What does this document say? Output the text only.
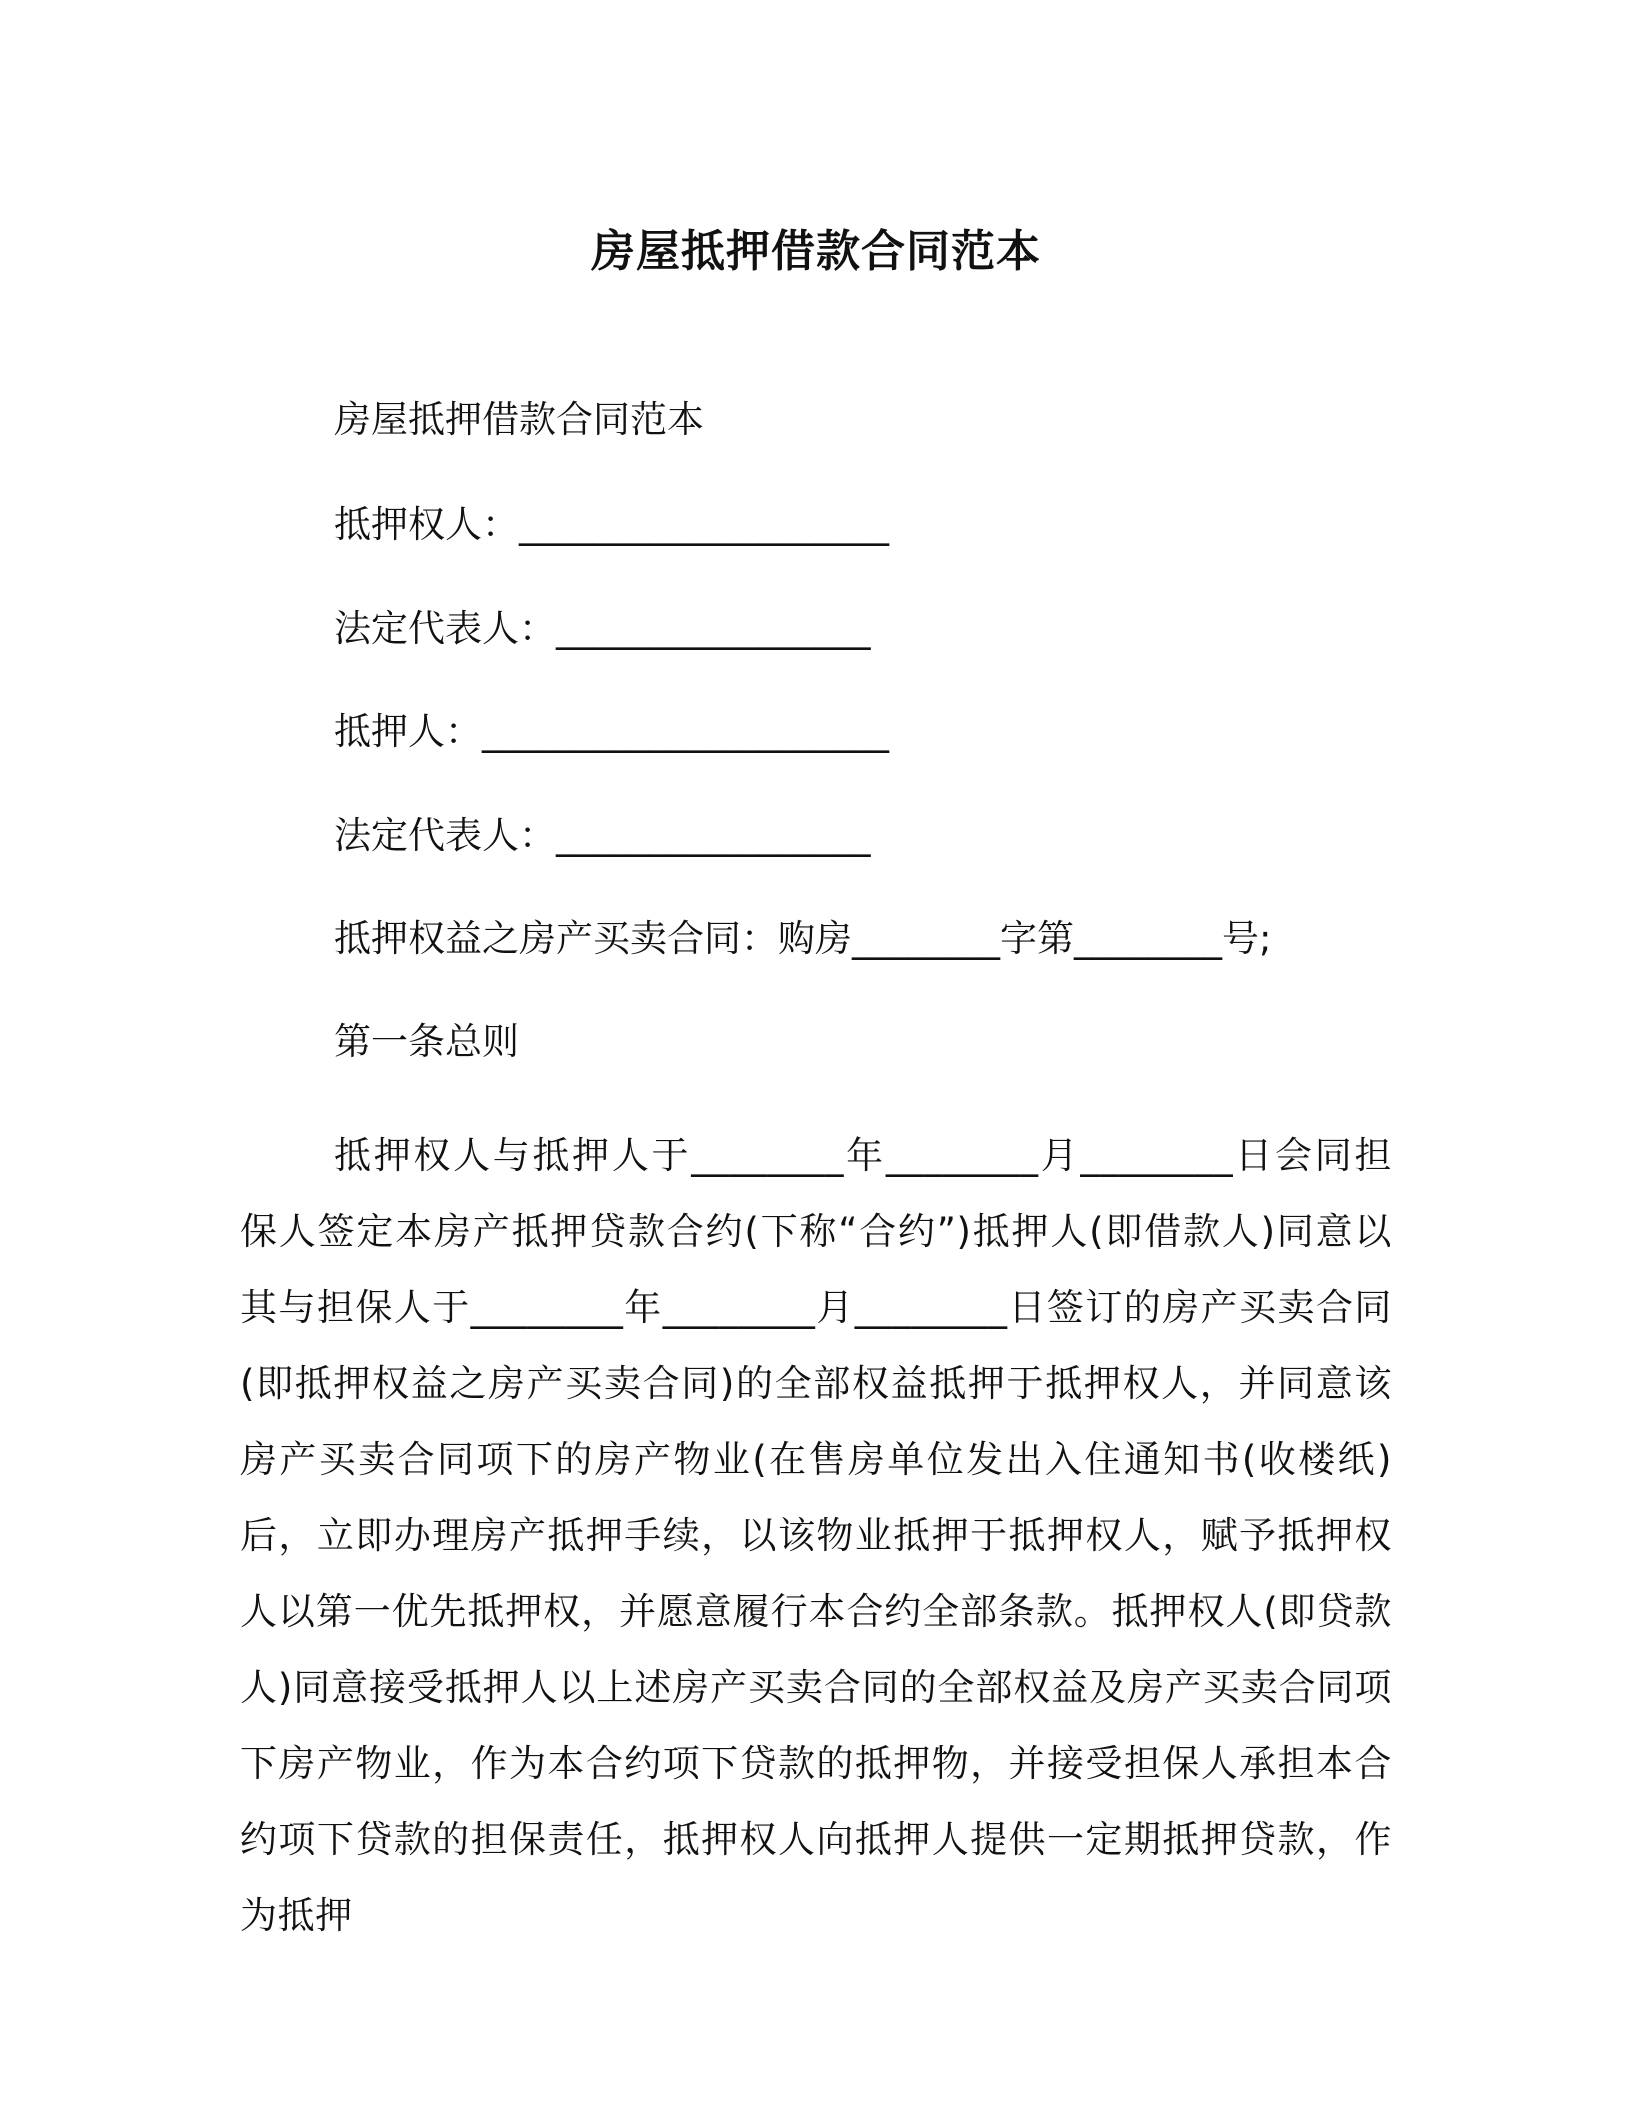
房屋抵押借款合同范本
房屋抵押借款合同范本
抵押权人：____________________
法定代表人：_________________
抵押人：______________________
法定代表人：_________________
抵押权益之房产买卖合同：购房________字第________号;
第一条总则
抵押权人与抵押人于________年________月________日会同担保人签定本房产抵押贷款合约(下称“合约”)抵押人(即借款人)同意以其与担保人于________年________月________日签订的房产买卖合同(即抵押权益之房产买卖合同)的全部权益抵押于抵押权人，并同意该房产买卖合同项下的房产物业(在售房单位发出入住通知书(收楼纸)后，立即办理房产抵押手续，以该物业抵押于抵押权人，赋予抵押权人以第一优先抵押权，并愿意履行本合约全部条款。抵押权人(即贷款人)同意接受抵押人以上述房产买卖合同的全部权益及房产买卖合同项下房产物业，作为本合约项下贷款的抵押物，并接受担保人承担本合约项下贷款的担保责任，抵押权人向抵押人提供一定期抵押贷款，作为抵押
